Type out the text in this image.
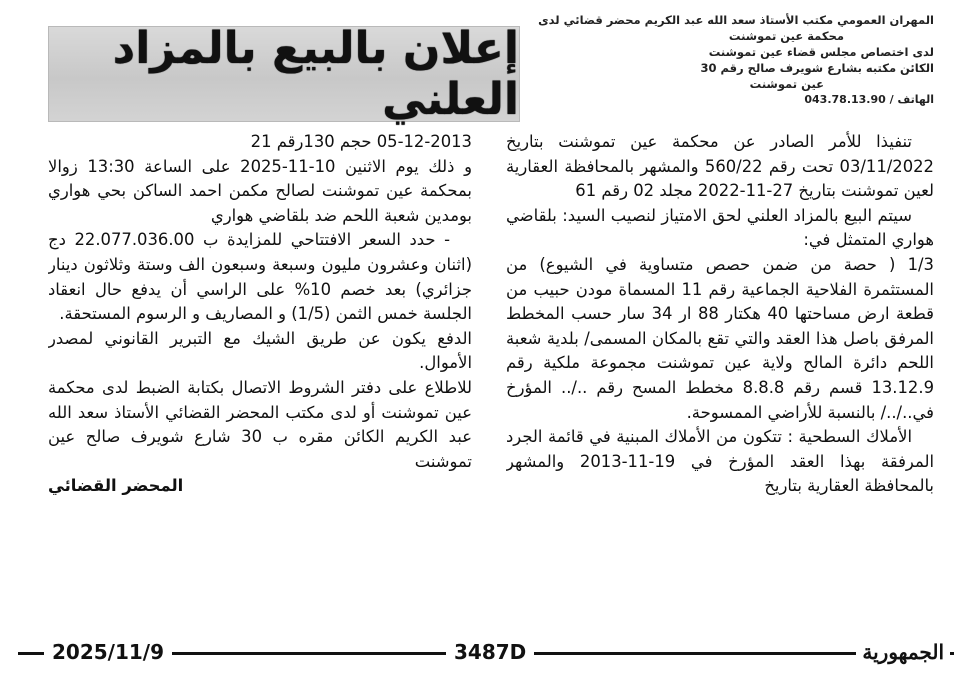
المهران العمومي مكتب الأستاذ سعد الله عبد الكريم محضر قضائي لدى
محكمة عين تموشنت
لدى اختصاص مجلس قضاء عين تموشنت
الكائن مكتبه بشارع شويرف صالح رقم 30
عين تموشنت
الهاتف / 043.78.13.90
إعلان بالبيع بالمزاد العلني

تنفيذا للأمر الصادر عن محكمة عين تموشنت بتاريخ 03/11/2022 تحت رقم 560/22 والمشهر بالمحافظة العقارية لعين تموشنت بتاريخ 27-11-2022 مجلد 02 رقم 61

سيتم البيع بالمزاد العلني لحق الامتياز لنصيب السيد: بلقاضي هواري المتمثل في:

1/3 ( حصة من ضمن حصص متساوية في الشيوع) من المستثمرة الفلاحية الجماعية رقم 11 المسماة مودن حبيب من قطعة ارض مساحتها 40 هكتار 88 ار 34 سار حسب المخطط المرفق باصل هذا العقد والتي تقع بالمكان المسمى/ بلدية شعبة اللحم دائرة المالح ولاية عين تموشنت مجموعة ملكية رقم 13.12.9 قسم رقم 8.8.8 مخطط المسح رقم ../.. المؤرخ في../../ بالنسبة للأراضي الممسوحة.

الأملاك السطحية : تتكون من الأملاك المبنية في قائمة الجرد المرفقة بهذا العقد المؤرخ في 19-11-2013 والمشهر بالمحافظة العقارية بتاريخ

05-12-2013 حجم 130رقم 21

و ذلك يوم الاثنين 10-11-2025 على الساعة 13:30 زوالا بمحكمة عين تموشنت لصالح مكمن احمد الساكن بحي هواري بومدين شعبة اللحم ضد بلقاضي هواري

- حدد السعر الافتتاحي للمزايدة ب 22.077.036.00 دج (اثنان وعشرون مليون وسبعة وسبعون الف وستة وثلاثون دينار جزائري) بعد خصم 10% على الراسي أن يدفع حال انعقاد الجلسة خمس الثمن (1/5) و المصاريف و الرسوم المستحقة.

الدفع يكون عن طريق الشيك مع التبرير القانوني لمصدر الأموال.

للاطلاع على دفتر الشروط الاتصال بكتابة الضبط لدى محكمة عين تموشنت أو لدى مكتب المحضر القضائي الأستاذ سعد الله عبد الكريم الكائن مقره ب 30 شارع شويرف صالح عين تموشنت

المحضر القضائي

2025/11/9	3487D	الجمهورية
